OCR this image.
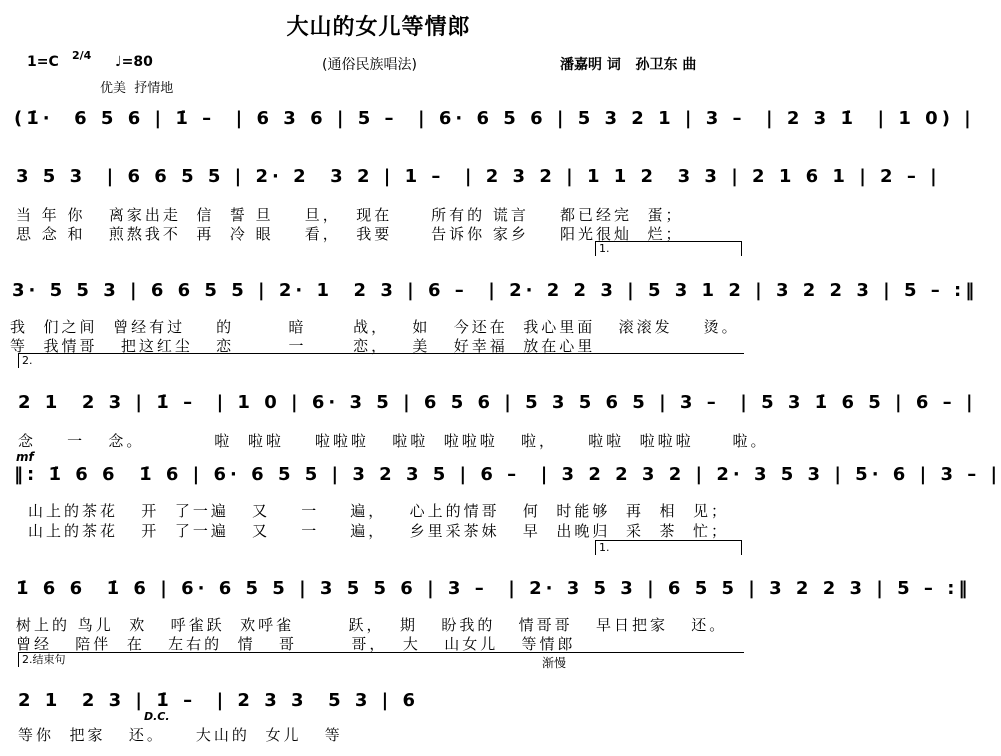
大山的女儿等情郎
1=C 2/4 ♩=80	(通俗民族唱法)	潘嘉明 词   孙卫东 曲
优美  抒情地
(1̇·  6 5 6 | 1̇ –  | 6 3 6 | 5 –  | 6· 6 5 6 | 5 3 2 1 | 3 –  | 2 3 1̇  | 1 0) |
3 5 3  | 6 6 5 5 | 2· 2  3 2 | 1 –  | 2 3 2 | 1 1 2  3 3 | 2 1 6 1 | 2 – |
当 年 你   离家出走  信  誓 旦    旦，  现在     所有的 谎言    都已经完  蛋；
思 念 和   煎熬我不  再  冷 眼    看，  我要     告诉你 家乡    阳光很灿  烂；
1.
3· 5 5 3 | 6 6 5 5 | 2· 1  2 3 | 6 –  | 2· 2 2 3 | 5 3 1 2 | 3 2 2 3 | 5 – :‖
我  们之间  曾经有过    的       暗      战，   如   今还在  我心里面   滚滚发    烫。
等  我情哥   把这红尘   恋       一      恋，   美   好幸福  放在心里
2.
2 1  2 3 | 1̇ –  | 1 0 | 6· 3 5 | 6 5 6 | 5 3 5 6 5 | 3 –  | 5 3 1̇ 6 5 | 6 – |
念    一   念。         啦  啦啦    啦啦啦   啦啦  啦啦啦   啦，    啦啦  啦啦啦     啦。
mf
‖: 1̇ 6 6  1̇ 6 | 6· 6 5 5 | 3 2 3 5 | 6 –  | 3 2 2 3 2 | 2· 3 5 3 | 5· 6 | 3 – |
山上的茶花   开  了一遍   又    一    遍，   心上的情哥   何  时能够  再  相  见；
山上的茶花   开  了一遍   又    一    遍，   乡里采茶妹   早  出晚归  采  茶  忙；
1.
1̇ 6 6  1̇ 6 | 6· 6 5 5 | 3 5 5 6 | 3 –  | 2· 3 5 3 | 6 5 5 | 3 2 2 3 | 5 – :‖
树上的 鸟儿  欢   呼雀跃  欢呼雀       跃，  期   盼我的   情哥哥   早日把家   还。
曾经   陪伴  在   左右的  情   哥       哥，  大   山女儿   等情郎
2.结束句	渐慢
2 1  2 3 | 1̇ –  | 2 3 3  5 3 | 6
D.C.
等你  把家   还。    大山的  女儿   等
